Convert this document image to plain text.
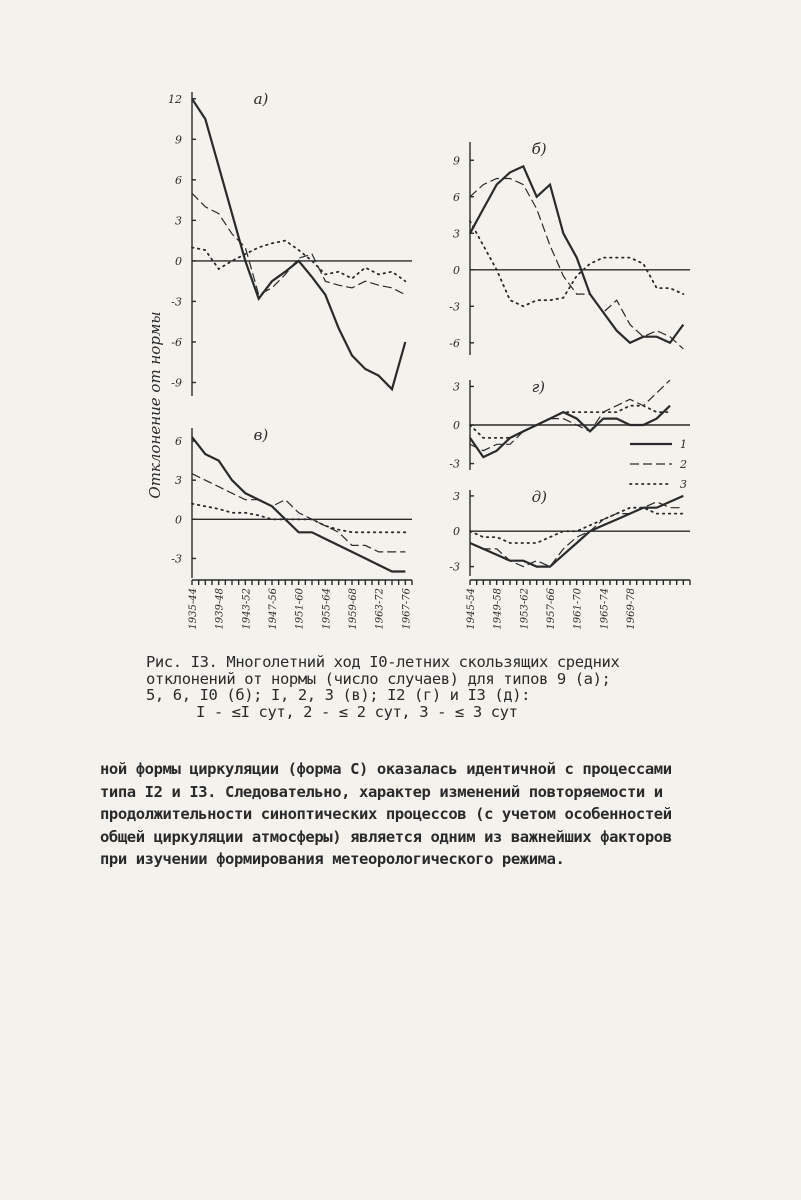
Отклонение от нормы
12
9
6
3
0
-3
-6
-9
а)
9
6
3
0
-3
-6
б)
6
3
0
-3
в)
3
0
-3
г)
3
0
-3
д)
1
2
3
1935-44 1939-48 1943-52 1947-56 1951-60 1955-64 1959-68 1963-72 1967-76	1945-54 1949-58 1953-62 1957-66 1961-70 1965-74 1969-78
Рис. I3. Многолетний ход I0-летних скользящих средних
отклонений от нормы (число случаев) для типов 9 (а);
5, 6, I0 (б); I, 2, 3 (в); I2 (г) и I3 (д):
I - ≤I сут, 2 - ≤ 2 сут, 3 - ≤ 3 сут
ной формы циркуляции (форма С) оказалась идентичной с процессами
типа I2 и I3. Следовательно, характер изменений повторяемости и
продолжительности синоптических процессов (с учетом особенностей
общей циркуляции атмосферы) является одним из важнейших факторов
при изучении формирования метеорологического режима.
